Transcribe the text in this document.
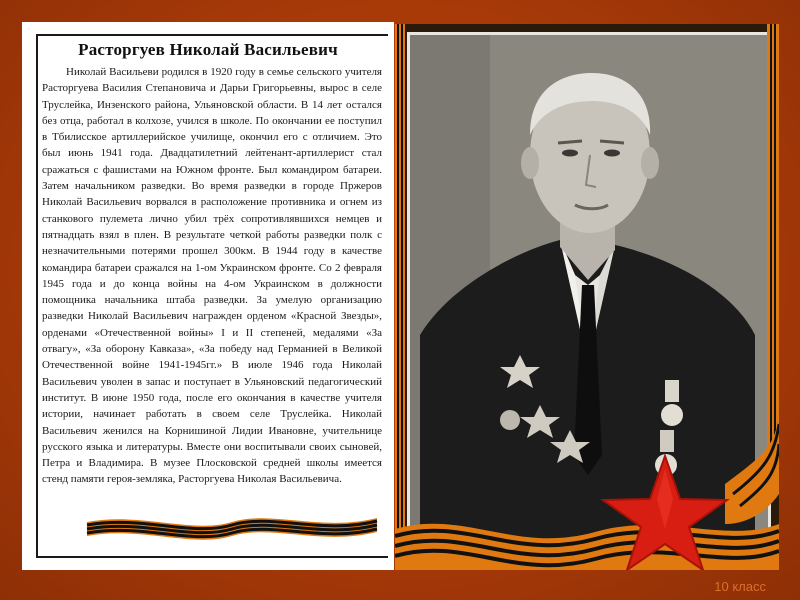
Расторгуев Николай Васильевич
Николай Васильеви родился в 1920 году в семье сельского учителя Расторгуева Василия Степановича и Дарьи Григорьевны, вырос в селе Труслейка, Инзенского района, Ульяновской области. В 14 лет остался без отца, работал в колхозе, учился в школе. По окончании ее поступил в Тбилисское артиллерийское училище, окончил его с отличием. Это был июнь 1941 года. Двадцатилетний лейтенант-артиллерист стал сражаться с фашистами на Южном фронте. Был командиром батареи. Затем начальником разведки. Во время разведки в городе Пржеров Николай Васильевич ворвался в расположение противника и огнем из станкового пулемета лично убил трёх сопротивлявшихся немцев и пятнадцать взял в плен. В результате четкой работы разведки полк с незначительными потерями прошел 300км. В 1944 году в качестве командира батареи сражался на 1-ом Украинском фронте. Со 2 февраля 1945 года и до конца войны на 4-ом Украинском в должности помощника начальника штаба разведки. За умелую организацию разведки Николай Васильевич награжден орденом «Красной Звезды», орденами «Отечественной войны» I и II степеней, медалями «За отвагу», «За оборону Кавказа», «За победу над Германией в Великой Отечественной войне 1941-1945гг.» В июле 1946 года Николай Васильевич уволен в запас и поступает в Ульяновский педагогический институт. В июне 1950 года, после его окончания в качестве учителя истории, начинает работать в своем селе Труслейка. Николай Васильевич женился на Корнишиной Лидии Ивановне, учительнице русского языка и литературы. Вместе они воспитывали своих сыновей, Петра и Владимира. В музее Плосковской средней школы имеется стенд памяти героя-земляка, Расторгуева Николая Васильевича.
10 класс
